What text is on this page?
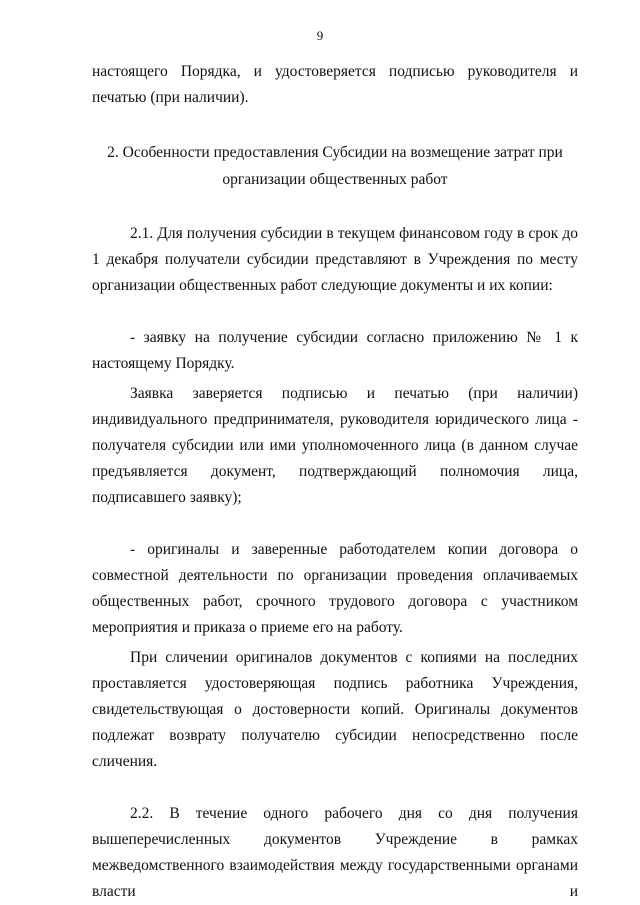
9

настоящего Порядка, и удостоверяется подписью руководителя и печатью (при наличии).

2. Особенности предоставления Субсидии на возмещение затрат при организации общественных работ

2.1. Для получения субсидии в текущем финансовом году в срок до 1 декабря получатели субсидии представляют в Учреждения по месту организации общественных работ следующие документы и их копии:

- заявку на получение субсидии согласно приложению № 1 к настоящему Порядку.

Заявка заверяется подписью и печатью (при наличии) индивидуального предпринимателя, руководителя юридического лица - получателя субсидии или ими уполномоченного лица (в данном случае предъявляется документ, подтверждающий полномочия лица, подписавшего заявку);

- оригиналы и заверенные работодателем копии договора о совместной деятельности по организации проведения оплачиваемых общественных работ, срочного трудового договора с участником мероприятия и приказа о приеме его на работу.

При сличении оригиналов документов с копиями на последних проставляется удостоверяющая подпись работника Учреждения, свидетельствующая о достоверности копий. Оригиналы документов подлежат возврату получателю субсидии непосредственно после сличения.

2.2. В течение одного рабочего дня со дня получения вышеперечисленных документов Учреждение в рамках межведомственного взаимодействия между государственными органами власти и
